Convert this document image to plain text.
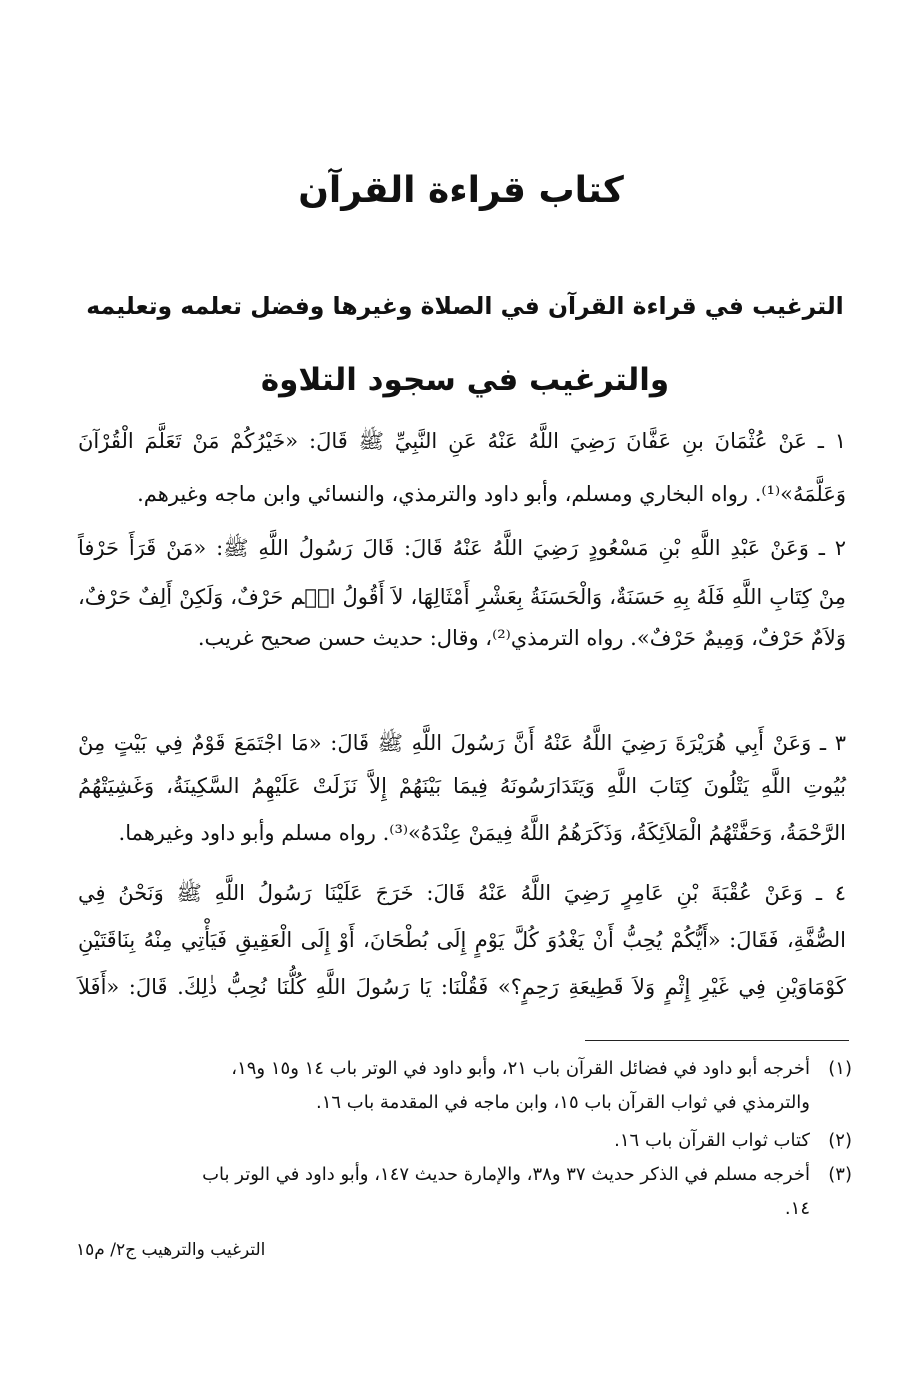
كتاب قراءة القرآن
الترغيب في قراءة القرآن في الصلاة وغيرها وفضل تعلمه وتعليمه
والترغيب في سجود التلاوة
١ ـ عَنْ عُثْمَانَ بنِ عَفَّانَ رَضِيَ اللَّهُ عَنْهُ عَنِ النَّبِيِّ ﷺ قَالَ: «خَيْرُكُمْ مَنْ تَعَلَّمَ الْقُرْآنَ
وَعَلَّمَهُ»⁽¹⁾. رواه البخاري ومسلم، وأبو داود والترمذي، والنسائي وابن ماجه وغيرهم.
٢ ـ وَعَنْ عَبْدِ اللَّهِ بْنِ مَسْعُودٍ رَضِيَ اللَّهُ عَنْهُ قَالَ: قَالَ رَسُولُ اللَّهِ ﷺ: «مَنْ قَرَأَ حَرْفاً
مِنْ كِتَابِ اللَّهِ فَلَهُ بِهِ حَسَنَةٌ، وَالْحَسَنَةُ بِعَشْرِ أَمْثَالِهَا، لاَ أَقُولُ الۤم حَرْفٌ، وَلَكِنْ أَلِفٌ حَرْفٌ،
وَلاَمٌ حَرْفٌ، وَمِيمٌ حَرْفٌ». رواه الترمذي⁽²⁾، وقال: حديث حسن صحيح غريب.
٣ ـ وَعَنْ أَبِي هُرَيْرَةَ رَضِيَ اللَّهُ عَنْهُ أَنَّ رَسُولَ اللَّهِ ﷺ قَالَ: «مَا اجْتَمَعَ قَوْمٌ فِي بَيْتٍ مِنْ
بُيُوتِ اللَّهِ يَتْلُونَ كِتَابَ اللَّهِ وَيَتَدَارَسُونَهُ فِيمَا بَيْنَهُمْ إِلاَّ نَزَلَتْ عَلَيْهِمُ السَّكِينَةُ، وَغَشِيَتْهُمُ
الرَّحْمَةُ، وَحَفَّتْهُمُ الْمَلاَئِكَةُ، وَذَكَرَهُمُ اللَّهُ فِيمَنْ عِنْدَهُ»⁽³⁾. رواه مسلم وأبو داود وغيرهما.
٤ ـ وَعَنْ عُقْبَةَ بْنِ عَامِرٍ رَضِيَ اللَّهُ عَنْهُ قَالَ: خَرَجَ عَلَيْنَا رَسُولُ اللَّهِ ﷺ وَنَحْنُ فِي
الصُّفَّةِ، فَقَالَ: «أَيُّكُمْ يُحِبُّ أَنْ يَغْدُوَ كُلَّ يَوْمٍ إِلَى بُطْحَانَ، أَوْ إِلَى الْعَقِيقِ فَيَأْتِي مِنْهُ بِنَاقَتَيْنِ
كَوْمَاوَيْنِ فِي غَيْرِ إِثْمٍ وَلاَ قَطِيعَةِ رَحِمٍ؟» فَقُلْنَا: يَا رَسُولَ اللَّهِ كُلُّنَا نُحِبُّ ذٰلِكَ. قَالَ: «أَفَلاَ
(١)
أخرجه أبو داود في فضائل القرآن باب ٢١، وأبو داود في الوتر باب ١٤ و١٥ و١٩،
والترمذي في ثواب القرآن باب ١٥، وابن ماجه في المقدمة باب ١٦.
(٢)
كتاب ثواب القرآن باب ١٦.
(٣)
أخرجه مسلم في الذكر حديث ٣٧ و٣٨، والإمارة حديث ١٤٧، وأبو داود في الوتر باب
١٤.
الترغيب والترهيب ج٢/ م١٥
